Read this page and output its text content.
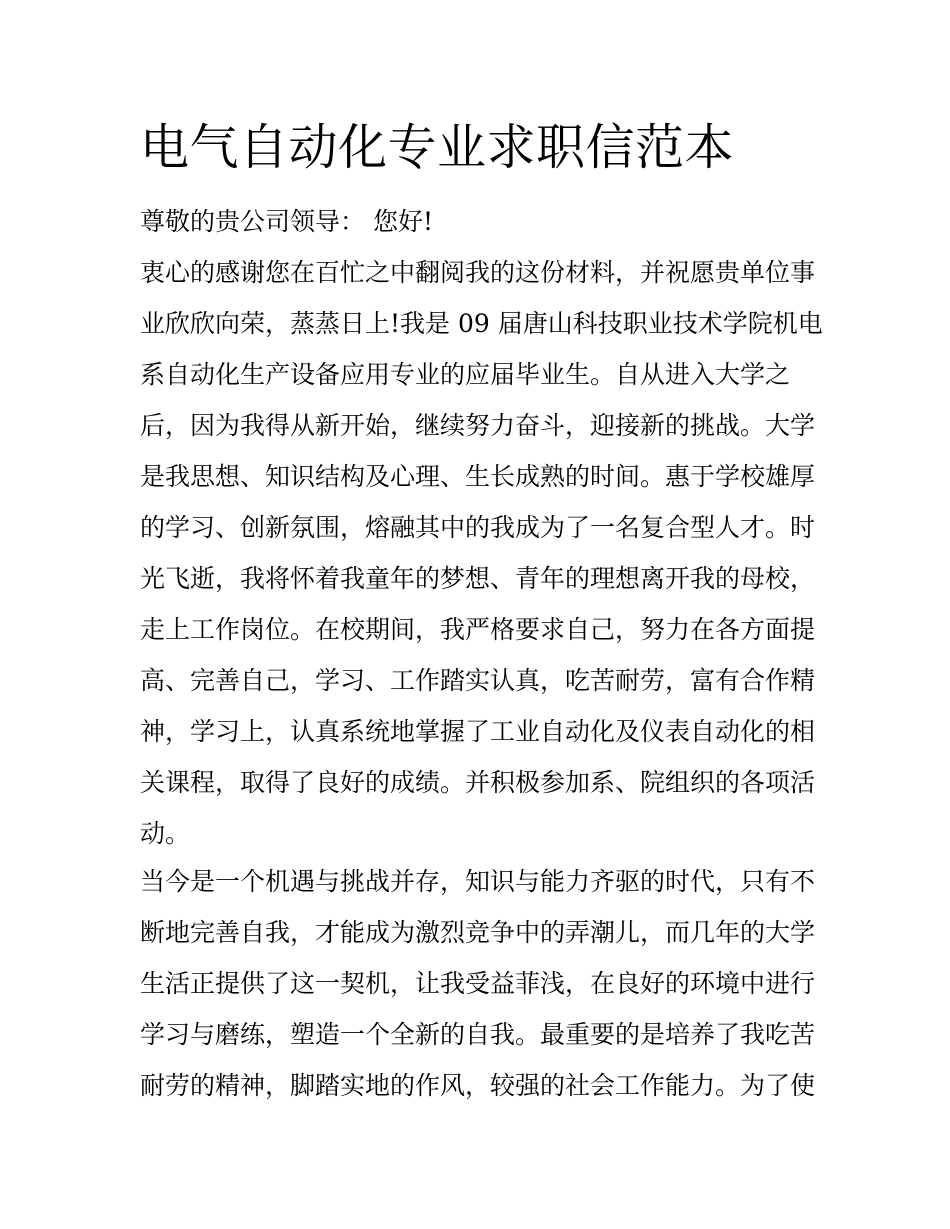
电气自动化专业求职信范本

尊敬的贵公司领导： 您好!

衷心的感谢您在百忙之中翻阅我的这份材料，并祝愿贵单位事

业欣欣向荣，蒸蒸日上!我是 09 届唐山科技职业技术学院机电

系自动化生产设备应用专业的应届毕业生。自从进入大学之

后，因为我得从新开始，继续努力奋斗，迎接新的挑战。大学

是我思想、知识结构及心理、生长成熟的时间。惠于学校雄厚

的学习、创新氛围，熔融其中的我成为了一名复合型人才。时

光飞逝，我将怀着我童年的梦想、青年的理想离开我的母校，

走上工作岗位。在校期间，我严格要求自己，努力在各方面提

高、完善自己，学习、工作踏实认真，吃苦耐劳，富有合作精

神，学习上，认真系统地掌握了工业自动化及仪表自动化的相

关课程，取得了良好的成绩。并积极参加系、院组织的各项活

动。

当今是一个机遇与挑战并存，知识与能力齐驱的时代，只有不

断地完善自我，才能成为激烈竞争中的弄潮儿，而几年的大学

生活正提供了这一契机，让我受益菲浅，在良好的环境中进行

学习与磨练，塑造一个全新的自我。最重要的是培养了我吃苦

耐劳的精神，脚踏实地的作风，较强的社会工作能力。为了使
